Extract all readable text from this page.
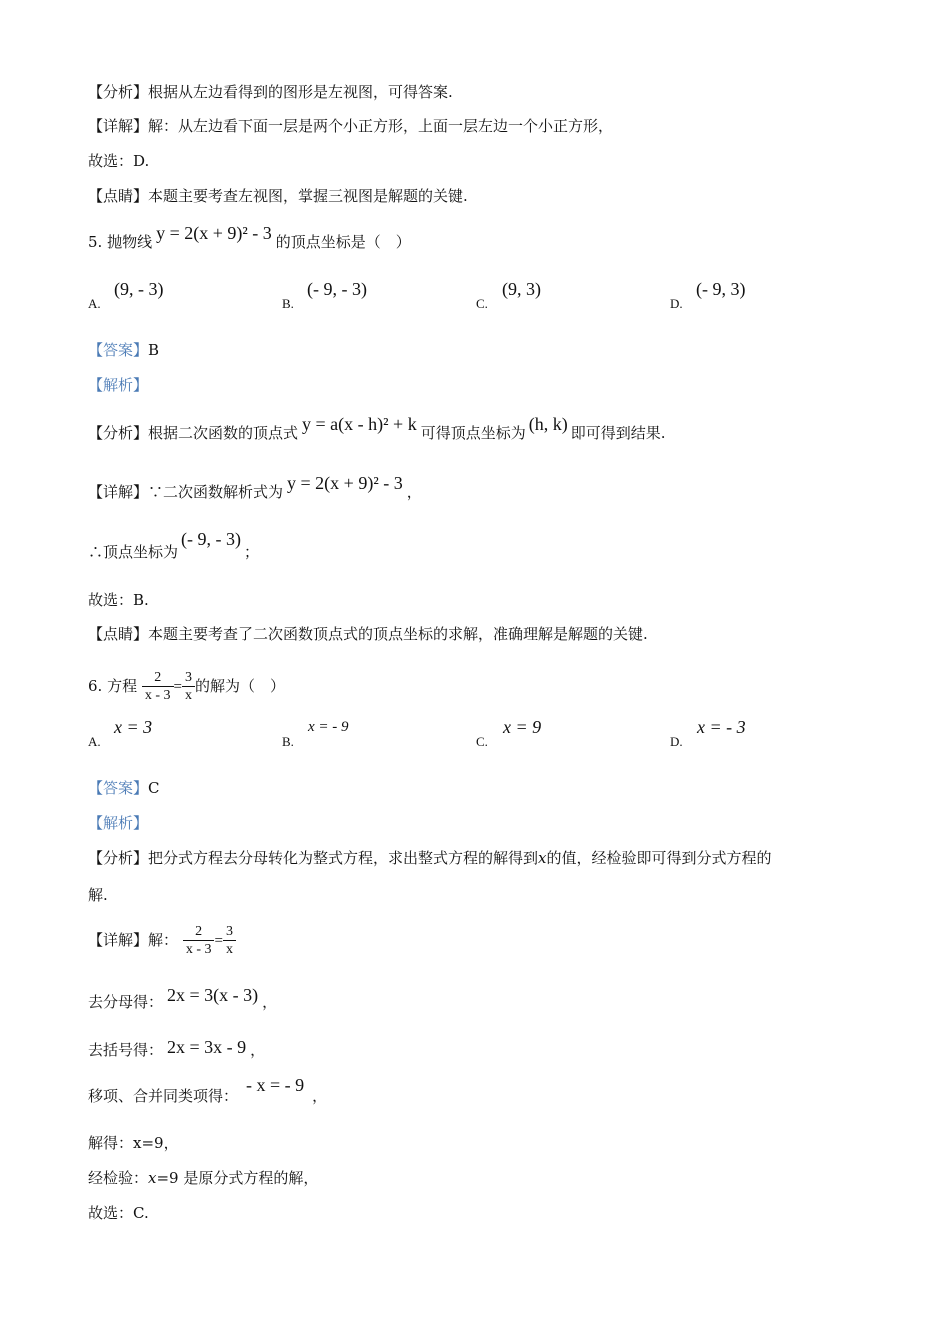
【分析】根据从左边看得到的图形是左视图，可得答案.
【详解】解：从左边看下面一层是两个小正方形，上面一层左边一个小正方形，
故选：D.
【点睛】本题主要考查左视图，掌握三视图是解题的关键.
5. 抛物线 y = 2(x + 9)² - 3 的顶点坐标是（　）
A.
(9, - 3)
B.
(- 9, - 3)
C.
(9, 3)
D.
(- 9, 3)
【答案】B
【解析】
【分析】根据二次函数的顶点式 y = a(x - h)² + k 可得顶点坐标为 (h, k) 即可得到结果.
【详解】∵二次函数解析式为 y = 2(x + 9)² - 3 ，
∴顶点坐标为(- 9, - 3)；
故选：B.
【点睛】本题主要考查了二次函数顶点式的顶点坐标的求解，准确理解是解题的关键.
6. 方程 $\frac{2}{x - 3} = \frac{3}{x}$ 的解为（　）
A.
x = 3
B.
x = - 9
C.
x = 9
D.
x = - 3
【答案】C
【解析】
【分析】把分式方程去分母转化为整式方程，求出整式方程的解得到x的值，经检验即可得到分式方程的
解.
【详解】解： $\frac{2}{x - 3} = \frac{3}{x}$
去分母得： 2x = 3(x - 3) ，
去括号得： 2x = 3x - 9 ，
移项、合并同类项得：- x = - 9，
解得：x=9，
经检验：x=9 是原分式方程的解，
故选：C.
